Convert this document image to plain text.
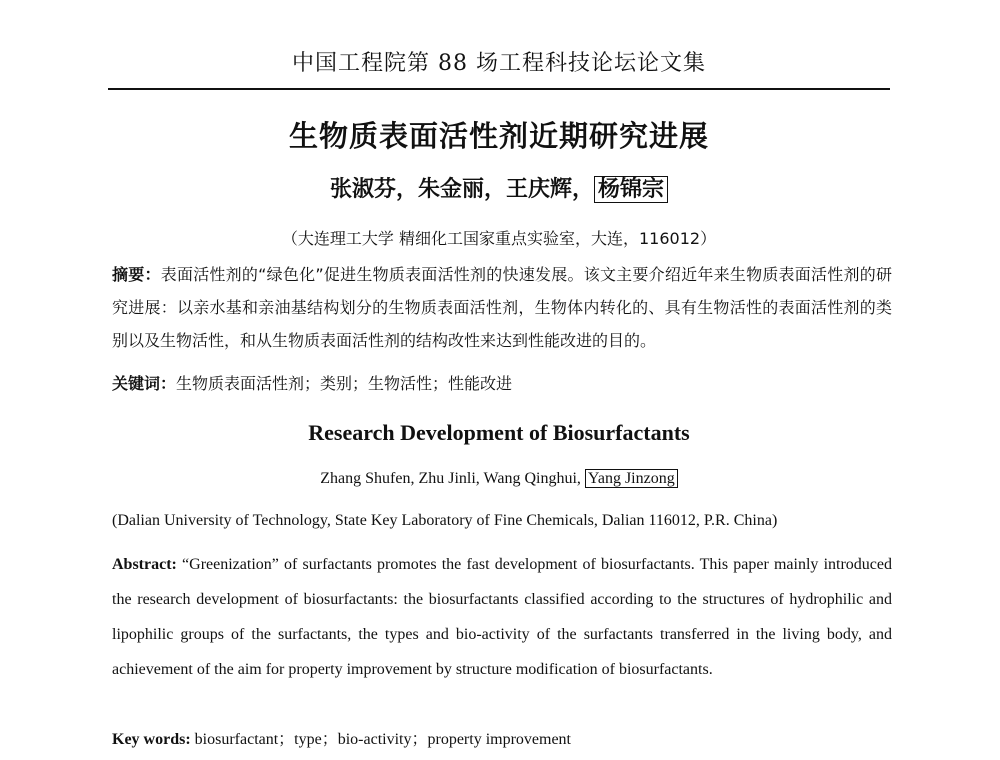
中国工程院第 88 场工程科技论坛论文集
生物质表面活性剂近期研究进展
张淑芬，朱金丽，王庆辉， 杨锦宗
（大连理工大学 精细化工国家重点实验室，大连，116012）
摘要：表面活性剂的“绿色化”促进生物质表面活性剂的快速发展。该文主要介绍近年来生物质表面活性剂的研究进展：以亲水基和亲油基结构划分的生物质表面活性剂，生物体内转化的、具有生物活性的表面活性剂的类别以及生物活性，和从生物质表面活性剂的结构改性来达到性能改进的目的。
关键词：生物质表面活性剂；类别；生物活性；性能改进
Research Development of Biosurfactants
Zhang Shufen, Zhu Jinli, Wang Qinghui, Yang Jinzong
(Dalian University of Technology, State Key Laboratory of Fine Chemicals, Dalian 116012, P.R. China)
Abstract: “Greenization” of surfactants promotes the fast development of biosurfactants. This paper mainly introduced the research development of biosurfactants: the biosurfactants classified according to the structures of hydrophilic and lipophilic groups of the surfactants, the types and bio-activity of the surfactants transferred in the living body, and achievement of the aim for property improvement by structure modification of biosurfactants.
Key words: biosurfactant；type；bio-activity；property improvement
